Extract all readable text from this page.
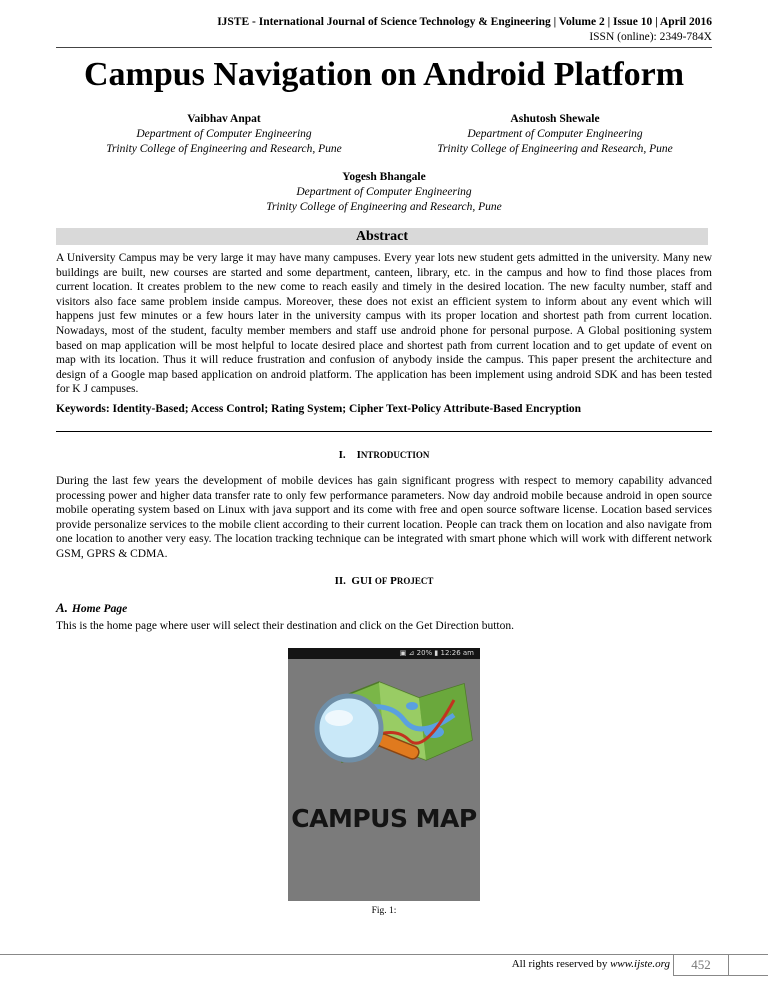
IJSTE - International Journal of Science Technology & Engineering | Volume 2 | Issue 10 | April 2016
ISSN (online): 2349-784X
Campus Navigation on Android Platform
Vaibhav Anpat
Department of Computer Engineering
Trinity College of Engineering and Research, Pune
Ashutosh Shewale
Department of Computer Engineering
Trinity College of Engineering and Research, Pune
Yogesh Bhangale
Department of Computer Engineering
Trinity College of Engineering and Research, Pune
Abstract
A University Campus may be very large it may have many campuses. Every year lots new student gets admitted in the university. Many new buildings are built, new courses are started and some department, canteen, library, etc. in the campus and how to find those places from current location. It creates problem to the new come to reach easily and timely in the desired location. The new faculty number, staff and visitors also face same problem inside campus. Moreover, these does not exist an efficient system to inform about any event which will happens just few minutes or a few hours later in the university campus with its proper location and shortest path from current location. Nowadays, most of the student, faculty member members and staff use android phone for personal purpose. A Global positioning system based on map application will be most helpful to locate desired place and shortest path from current location and to get update of event on map with its location. Thus it will reduce frustration and confusion of anybody inside the campus. This paper present the architecture and design of a Google map based application on android platform. The application has been implement using android SDK and has been tested for K J campuses.
Keywords: Identity-Based; Access Control; Rating System; Cipher Text-Policy Attribute-Based Encryption
I. INTRODUCTION
During the last few years the development of mobile devices has gain significant progress with respect to memory capability advanced processing power and higher data transfer rate to only few performance parameters. Now day android mobile because android in open source mobile operating system based on Linux with java support and its come with free and open source software license. Location based services provide personalize services to the mobile client according to their current location. People can track them on location and also navigate from one location to another very easy. The location tracking technique can be integrated with smart phone which will work with different network GSM, GPRS & CDMA.
II. GUI OF PROJECT
A. Home Page
This is the home page where user will select their destination and click on the Get Direction button.
▣ ⊿ 20% ▮ 12:26 am
CAMPUS MAP
Fig. 1:
All rights reserved by www.ijste.org	452
